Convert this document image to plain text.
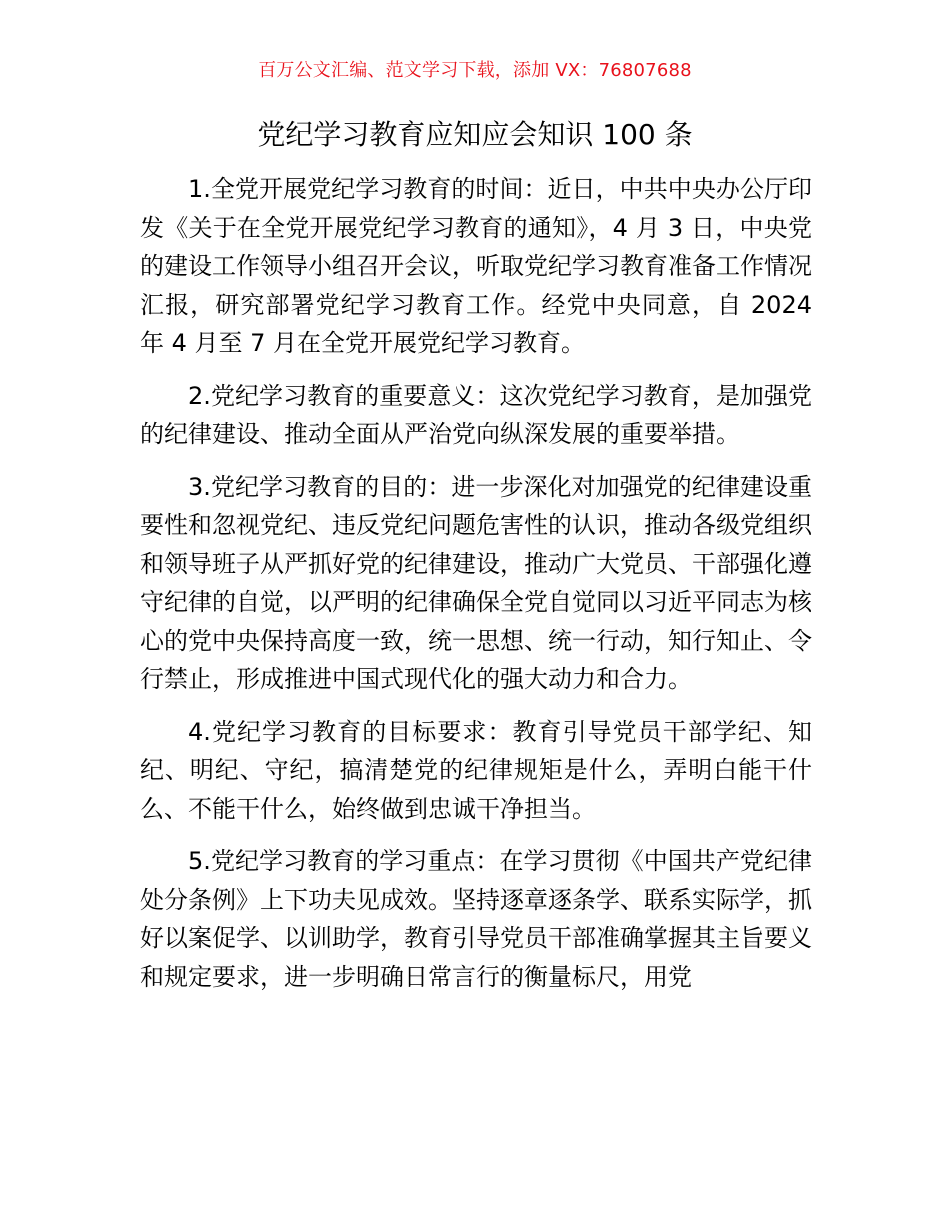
百万公文汇编、范文学习下载，添加 VX：76807688
党纪学习教育应知应会知识 100 条

1.全党开展党纪学习教育的时间：近日，中共中央办公厅印发《关于在全党开展党纪学习教育的通知》，4 月 3 日，中央党的建设工作领导小组召开会议，听取党纪学习教育准备工作情况汇报，研究部署党纪学习教育工作。经党中央同意，自 2024 年 4 月至 7 月在全党开展党纪学习教育。

2.党纪学习教育的重要意义：这次党纪学习教育，是加强党的纪律建设、推动全面从严治党向纵深发展的重要举措。

3.党纪学习教育的目的：进一步深化对加强党的纪律建设重要性和忽视党纪、违反党纪问题危害性的认识，推动各级党组织和领导班子从严抓好党的纪律建设，推动广大党员、干部强化遵守纪律的自觉，以严明的纪律确保全党自觉同以习近平同志为核心的党中央保持高度一致，统一思想、统一行动，知行知止、令行禁止，形成推进中国式现代化的强大动力和合力。

4.党纪学习教育的目标要求：教育引导党员干部学纪、知纪、明纪、守纪，搞清楚党的纪律规矩是什么，弄明白能干什么、不能干什么，始终做到忠诚干净担当。

5.党纪学习教育的学习重点：在学习贯彻《中国共产党纪律处分条例》上下功夫见成效。坚持逐章逐条学、联系实际学，抓好以案促学、以训助学，教育引导党员干部准确掌握其主旨要义和规定要求，进一步明确日常言行的衡量标尺，用党
